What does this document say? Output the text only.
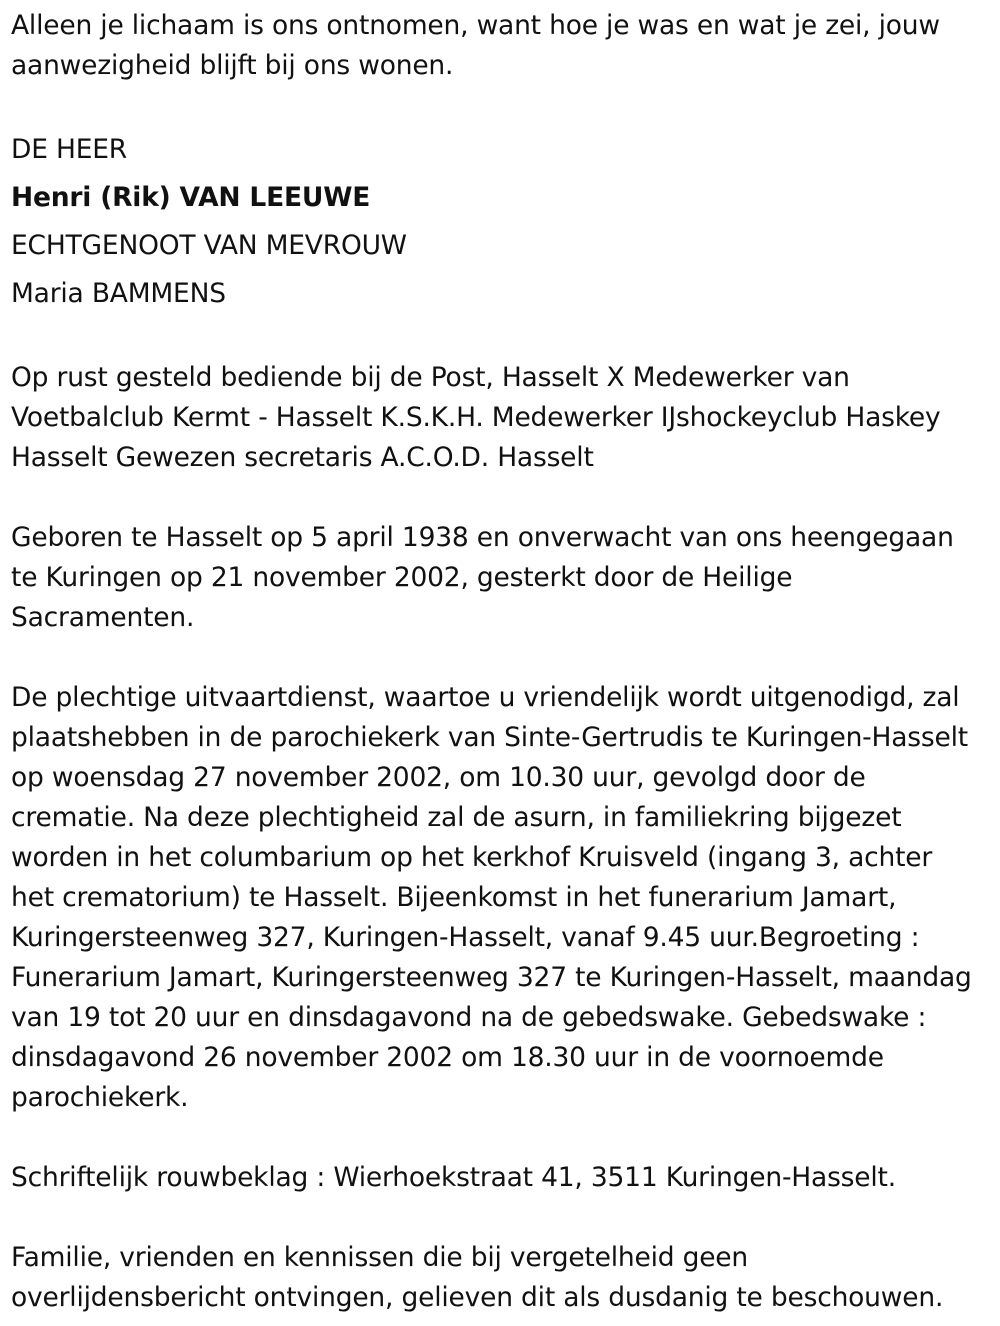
Alleen je lichaam is ons ontnomen, want hoe je was en wat je zei, jouw

aanwezigheid blijft bij ons wonen.

DE HEER

Henri (Rik) VAN LEEUWE

ECHTGENOOT VAN MEVROUW

Maria BAMMENS

Op rust gesteld bediende bij de Post, Hasselt X Medewerker van

Voetbalclub Kermt - Hasselt K.S.K.H. Medewerker IJshockeyclub Haskey

Hasselt Gewezen secretaris A.C.O.D. Hasselt

Geboren te Hasselt op 5 april 1938 en onverwacht van ons heengegaan

te Kuringen op 21 november 2002, gesterkt door de Heilige

Sacramenten.

De plechtige uitvaartdienst, waartoe u vriendelijk wordt uitgenodigd, zal

plaatshebben in de parochiekerk van Sinte-Gertrudis te Kuringen-Hasselt

op woensdag 27 november 2002, om 10.30 uur, gevolgd door de

crematie. Na deze plechtigheid zal de asurn, in familiekring bijgezet

worden in het columbarium op het kerkhof Kruisveld (ingang 3, achter

het crematorium) te Hasselt. Bijeenkomst in het funerarium Jamart,

Kuringersteenweg 327, Kuringen-Hasselt, vanaf 9.45 uur.Begroeting :

Funerarium Jamart, Kuringersteenweg 327 te Kuringen-Hasselt, maandag

van 19 tot 20 uur en dinsdagavond na de gebedswake. Gebedswake :

dinsdagavond 26 november 2002 om 18.30 uur in de voornoemde

parochiekerk.

Schriftelijk rouwbeklag : Wierhoekstraat 41, 3511 Kuringen-Hasselt.

Familie, vrienden en kennissen die bij vergetelheid geen

overlijdensbericht ontvingen, gelieven dit als dusdanig te beschouwen.
